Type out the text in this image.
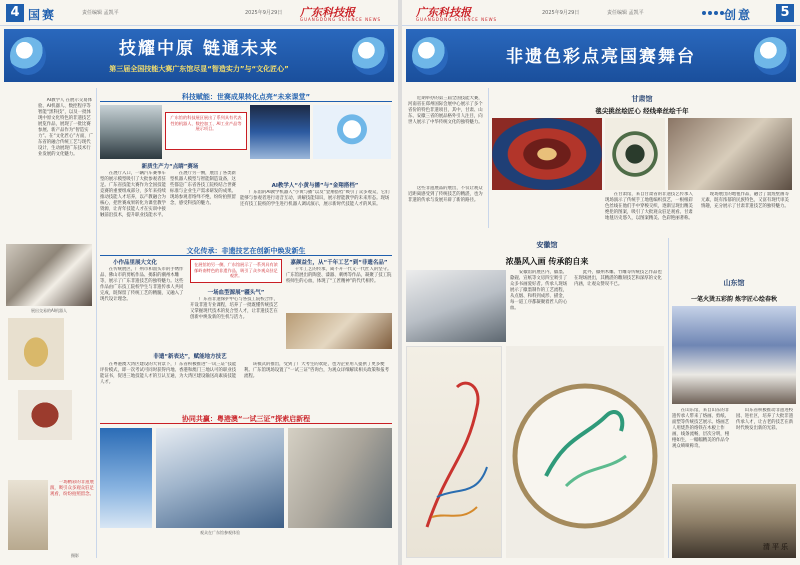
4 国赛	责任编辑 孟凯平	2025年9月29日 广东科技报
GUANGDONG SCIENCE NEWS
技耀中原 链通未来
第三届全国技能大赛广东馆尽显“智造实力”与“文化匠心”

AI教学人 在展示交易体验、AI机器人、数控程序等智能“黑科技”，以及一批体现中原文化特色的非遗技艺展览作品，展现了一批比赛参展、新产品作为“智造实力”。在“文化匠心”方面，广东省的融合传统工艺与现代设计，生动展现广东技术行业发展的文化魅力。

展出交易的AI机器人
科技赋能：世赛成果转化点亮“未来课堂”
广东馆的科技展区展出了系列具有代表性的机器人、数控加工、AI工业产品等展示项目。
新质生产力“点睛”赛场
AI教学人“小黄与播”与“金翔搭档”

在展厅入口，一辆汽车赛事车型的展示模型吸引了大批参观者驻足。广东省技能大赛作为全国技能竞赛的重要组成部分，多年来持续推动技能人才培养，以产教融合为核心，把世赛成果转化为课堂教学资源，让青年技能人才在实训中接触前沿技术，提升职业技能水平。

在展厅另一侧，展出了各类新型机器人模型与智能制造设备，这些都是广东省各技工院校结合世赛标准与企业生产需求研发的成果。现场参观者络绎不绝，纷纷拍照留念，感受科技的魅力。

广东馆的AI教学机器人“小黄与播”以及“金翔搭档”吸引了众多观众，它们能够与参观者进行语音互动，讲解技能知识，展示智能教学的未来形态。现场还有技工院校的学生进行机器人调试演示，展示新时代技能人才的风采。

文化传承：非遗技艺在创新中焕发新生
小作品里展大文化	在展馆的另一侧，广东馆展示了一系列具有浓郁岭南特色的非遗作品，吸引了众多观众驻足观赏。
嘉颜益生，从“千年工艺”到“非遗名品”

在传统展区，广州市和汕头市的手绣作品、佛山市的剪纸作品、揭阳的潮州木雕等，展示了广东非遗技艺的独特魅力。这些作品由广东技工院校学生与非遗传承人共同完成，既保留了传统工艺的精髓，又融入了现代设计理念。

一场血型源展“疆头气”

广东省非遗保护中心与各技工院校合作，开设非遗专业课程，培养了一批既懂传统技艺又掌握现代技术的复合型人才，让非遗技艺在创新中焕发新的生机与活力。

千年工艺的传承，离不开一代又一代匠人的坚守。广东馆展出的陶瓷、漆器、刺绣等作品，凝聚了技工院校师生的心血，体现了“工匠精神”的代代相传。

非遗“新表达”，赋能地方技艺
协同共赢：粤港澳“一试三证”探索启新程

在粤港澳大湾区建设的大背景下，广东省积极推进“一试三证”技能评价模式，即一次考试可同时获得内地、香港和澳门三地认可的职业技能证书，促进三地技能人才的互认互通，为大湾区建设输送高素质技能人才。

该模式的推出，受到了广大考生的欢迎，也为企业用人提供了更多便利。广东馆现场设置了“一试三证”咨询台，为观众详细解读相关政策和报考流程。

观众在广东馆参观体验

一场精彩的非遗展演，吸引众多观众驻足观看，纷纷拍照留念。

摄影
广东科技报
GUANGDONG SCIENCE NEWS
2025年9月29日	责任编辑 孟凯平	创意	5
非遗色彩点亮国赛舞台

近期举办的第三届全国技能大赛，河南省在郑州国际会展中心展示了多个省份的特色非遗项目，其中，甘肃、山东、安徽三省的展品格外引人注目，向世人展示了中华传统文化的独特魅力。

这些非遗展品的展出，不仅让观众近距离感受到了传统技艺的精湛，也为非遗的传承与发展开辟了新的路径。

甘肃馆
毯尖挑丝绘匠心 经线牵丝绘千年

在甘肃馆，来自甘肃省的非遗技艺传承人现场演示了传统手工地毯编织技艺，一根根彩色丝线在他们手中穿梭交织，逐渐呈现出精美绝伦的图案，吸引了大批观众驻足观看。甘肃地毯历史悠久，以图案精美、色彩艳丽著称。

现场展出的地毯作品，融合了敦煌壁画等元素，既有浓郁的民族特色，又富有现代审美情趣，充分展示了甘肃非遗技艺的独特魅力。

安徽馆
浓墨风入画 传承韵自来

安徽馆的展区内，徽墨、歙砚、宣纸等文房四宝吸引了众多书画爱好者。传承人现场展示了徽墨制作的工艺流程，从点烟、和料到成形、描金，每一道工序都凝聚着匠人的心血。

此外，徽州木雕、竹雕等传统技艺作品也在现场展出，其精湛的雕刻技艺和深厚的文化内涵，让观众赞叹不已。	山东馆
一笔火烫五彩韵 炼字匠心绘春秋

在山东馆，来自山东的非遗传承人带来了烙画、剪纸、面塑等传统技艺展示。烙画艺人用烧热的烙铁在木板上作画，线条流畅，层次分明，栩栩如生，一幅幅精美的作品令观众啧啧称奇。

山东省积极推动非遗进校园、进社区，培养了大批非遗传承人才，让古老的技艺在新时代焕发出新的光彩。

清平乐
